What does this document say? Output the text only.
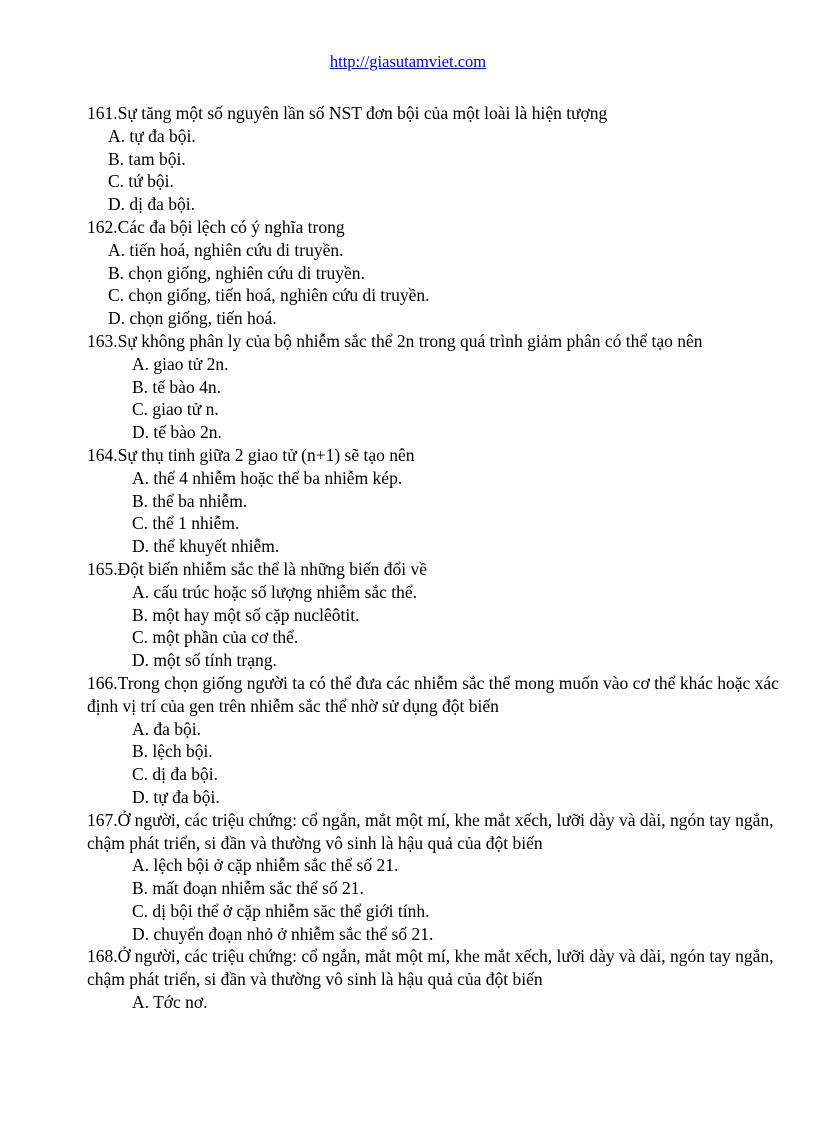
http://giasutamviet.com

161.Sự tăng một số nguyên lần số NST đơn bội của một loài là hiện tượng

A. tự đa bội.

B. tam bội.

C. tứ bội.

D. dị đa bội.

162.Các đa bội lệch có ý nghĩa trong

A. tiến hoá, nghiên cứu di truyền.

B. chọn giống, nghiên cứu di truyền.

C. chọn giống, tiến hoá, nghiên cứu di truyền.

D. chọn giống, tiến hoá.

163.Sự không phân ly của bộ nhiễm sắc thể 2n trong quá trình giảm phân có thể tạo nên

A. giao tử 2n.

B. tế bào 4n.

C. giao tử n.

D. tế bào 2n.

164.Sự thụ tinh giữa 2 giao tử (n+1) sẽ tạo nên

A. thể 4 nhiễm hoặc thể ba nhiễm kép.

B. thể ba nhiễm.

C. thể 1 nhiễm.

D. thể khuyết nhiễm.

165.Đột biến nhiễm sắc thể là những biến đổi về

A. cấu trúc hoặc số lượng nhiễm sắc thể.

B. một hay một số cặp nuclêôtit.

C. một phần của cơ thể.

D. một số tính trạng.

166.Trong chọn giống người ta có thể đưa các nhiễm sắc thể mong muốn vào cơ thể khác hoặc xác định vị trí của gen trên nhiễm sắc thể nhờ sử dụng đột biến

A. đa bội.

B. lệch bội.

C. dị đa bội.

D. tự đa bội.

167.Ở người, các triệu chứng: cổ ngắn, mắt một mí, khe mắt xếch, lưỡi dày và dài, ngón tay ngắn, chậm phát triển, si đần và thường vô sinh là hậu quả của đột biến

A. lệch bội ở cặp nhiễm sắc thể số 21.

B. mất đoạn nhiễm sắc thể số 21.

C. dị bội thể ở cặp nhiễm săc thể giới tính.

D. chuyển đoạn nhỏ ở nhiễm sắc thể số 21.

168.Ở người, các triệu chứng: cổ ngắn, mắt một mí, khe mắt xếch, lưỡi dày và dài, ngón tay ngắn, chậm phát triển, si đần và thường vô sinh là hậu quả của đột biến

A. Tớc nơ.
